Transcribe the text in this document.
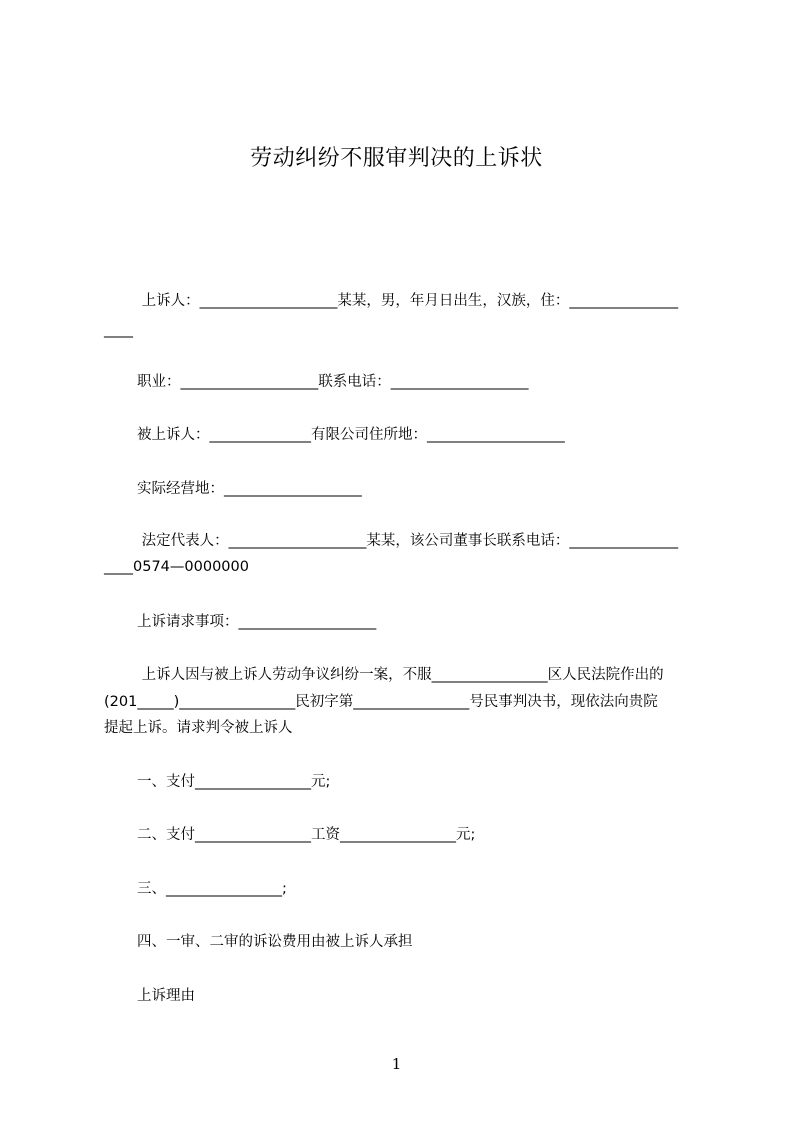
劳动纠纷不服审判决的上诉状
上诉人：___________________某某，男，年月日出生，汉族，住：_______________
____
职业：___________________联系电话：___________________
被上诉人：______________有限公司住所地：___________________
实际经营地：___________________
法定代表人：___________________某某，该公司董事长联系电话：_______________
____0574—0000000
上诉请求事项：___________________
上诉人因与被上诉人劳动争议纠纷一案，不服________________区人民法院作出的
(201_____)________________民初字第________________号民事判决书，现依法向贵院
提起上诉。请求判令被上诉人
一、支付________________元;
二、支付________________工资________________元;
三、________________;
四、一审、二审的诉讼费用由被上诉人承担
上诉理由
1
